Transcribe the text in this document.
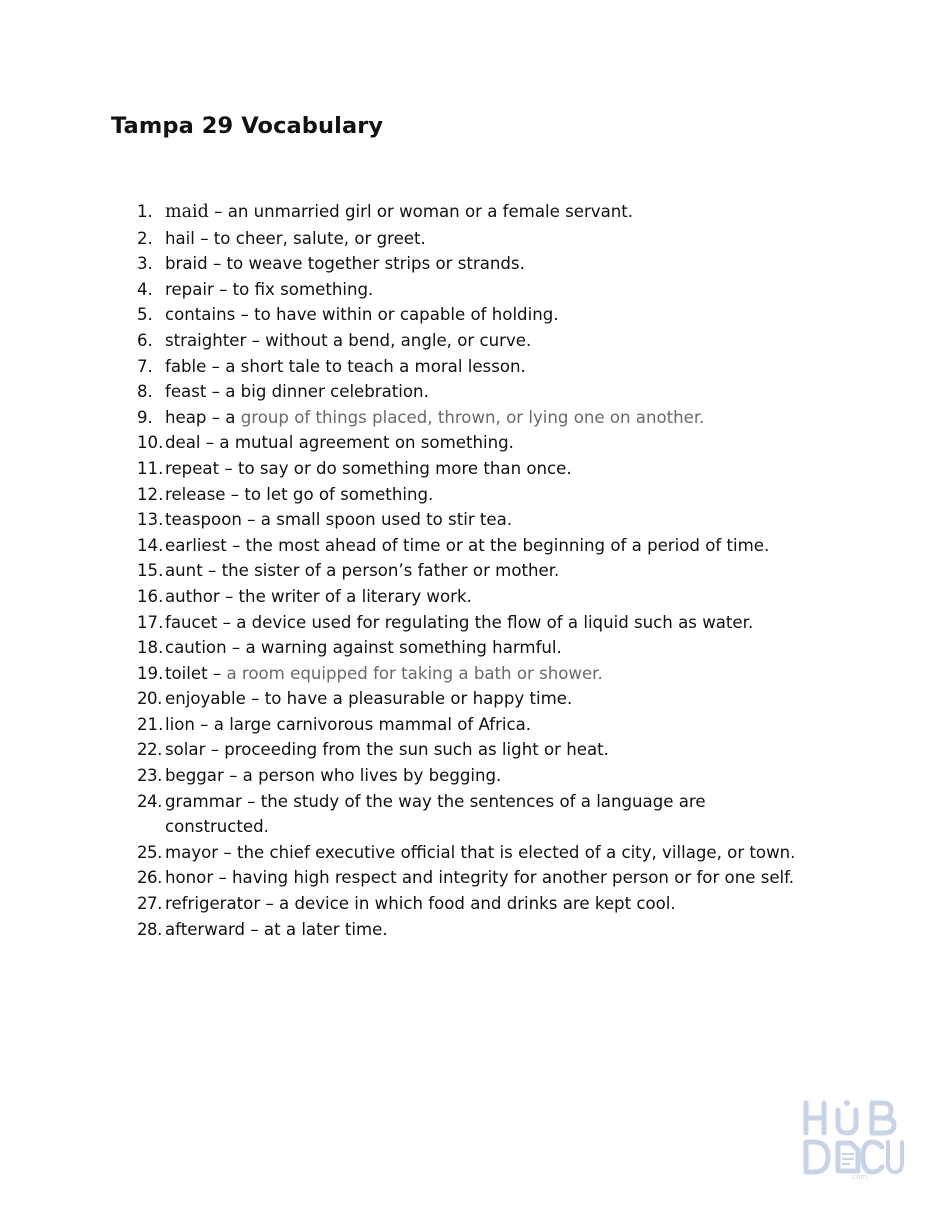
Tampa 29 Vocabulary
1. maid – an unmarried girl or woman or a female servant.
2. hail – to cheer, salute, or greet.
3. braid – to weave together strips or strands.
4. repair – to fix something.
5. contains – to have within or capable of holding.
6. straighter – without a bend, angle, or curve.
7. fable – a short tale to teach a moral lesson.
8. feast – a big dinner celebration.
9. heap – a group of things placed, thrown, or lying one on another.
10. deal – a mutual agreement on something.
11. repeat – to say or do something more than once.
12. release – to let go of something.
13. teaspoon – a small spoon used to stir tea.
14. earliest – the most ahead of time or at the beginning of a period of time.
15. aunt – the sister of a person’s father or mother.
16. author – the writer of a literary work.
17. faucet – a device used for regulating the flow of a liquid such as water.
18. caution – a warning against something harmful.
19. toilet – a room equipped for taking a bath or shower.
20. enjoyable – to have a pleasurable or happy time.
21. lion – a large carnivorous mammal of Africa.
22. solar – proceeding from the sun such as light or heat.
23. beggar – a person who lives by begging.
24. grammar – the study of the way the sentences of a language are constructed.
25. mayor – the chief executive official that is elected of a city, village, or town.
26. honor – having high respect and integrity for another person or for one self.
27. refrigerator – a device in which food and drinks are kept cool.
28. afterward – at a later time.
.com
